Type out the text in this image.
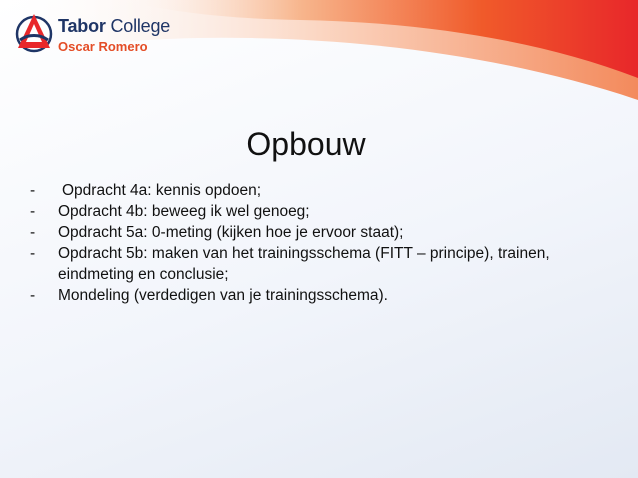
Tabor College
Oscar Romero
Opbouw
- Opdracht 4a: kennis opdoen;
- Opdracht 4b: beweeg ik wel genoeg;
- Opdracht 5a: 0-meting (kijken hoe je ervoor staat);
- Opdracht 5b: maken van het trainingsschema (FITT – principe), trainen, eindmeting en conclusie;
- Mondeling (verdedigen van je trainingsschema).
